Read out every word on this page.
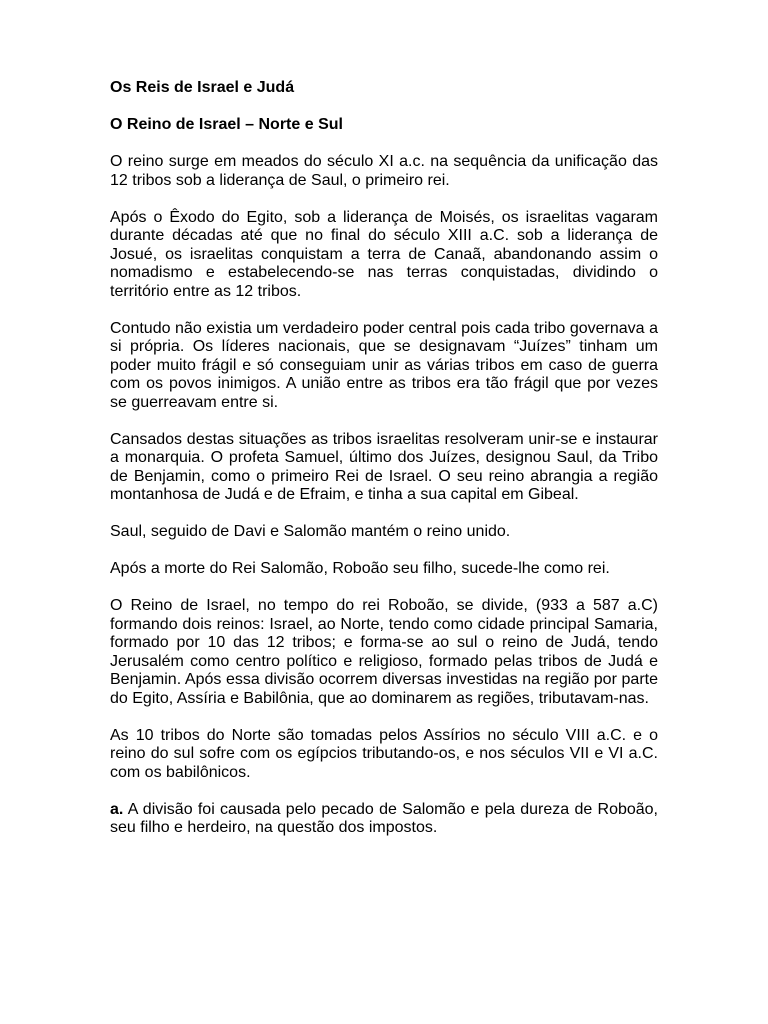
Os Reis de Israel e Judá
O Reino de Israel – Norte e Sul

O reino surge em meados do século XI a.c. na sequência da unificação das 12 tribos sob a liderança de Saul, o primeiro rei.

Após o Êxodo do Egito, sob a liderança de Moisés, os israelitas vagaram durante décadas até que no final do século XIII a.C. sob a liderança de Josué, os israelitas conquistam a terra de Canaã, abandonando assim o nomadismo e estabelecendo-se nas terras conquistadas, dividindo o território entre as 12 tribos.

Contudo não existia um verdadeiro poder central pois cada tribo governava a si própria. Os líderes nacionais, que se designavam “Juízes” tinham um poder muito frágil e só conseguiam unir as várias tribos em caso de guerra com os povos inimigos. A união entre as tribos era tão frágil que por vezes se guerreavam entre si.

Cansados destas situações as tribos israelitas resolveram unir-se e instaurar a monarquia. O profeta Samuel, último dos Juízes, designou Saul, da Tribo de Benjamin, como o primeiro Rei de Israel. O seu reino abrangia a região montanhosa de Judá e de Efraim, e tinha a sua capital em Gibeal.

Saul, seguido de Davi e Salomão mantém o reino unido.

Após a morte do Rei Salomão, Roboão seu filho, sucede-lhe como rei.

O Reino de Israel, no tempo do rei Roboão, se divide, (933 a 587 a.C) formando dois reinos: Israel, ao Norte, tendo como cidade principal Samaria, formado por 10 das 12 tribos; e forma-se ao sul o reino de Judá, tendo Jerusalém como centro político e religioso, formado pelas tribos de Judá e Benjamin. Após essa divisão ocorrem diversas investidas na região por parte do Egito, Assíria e Babilônia, que ao dominarem as regiões, tributavam-nas.

As 10 tribos do Norte são tomadas pelos Assírios no século VIII a.C. e o reino do sul sofre com os egípcios tributando-os, e nos séculos VII e VI a.C. com os babilônicos.

a. A divisão foi causada pelo pecado de Salomão e pela dureza de Roboão, seu filho e herdeiro, na questão dos impostos.
